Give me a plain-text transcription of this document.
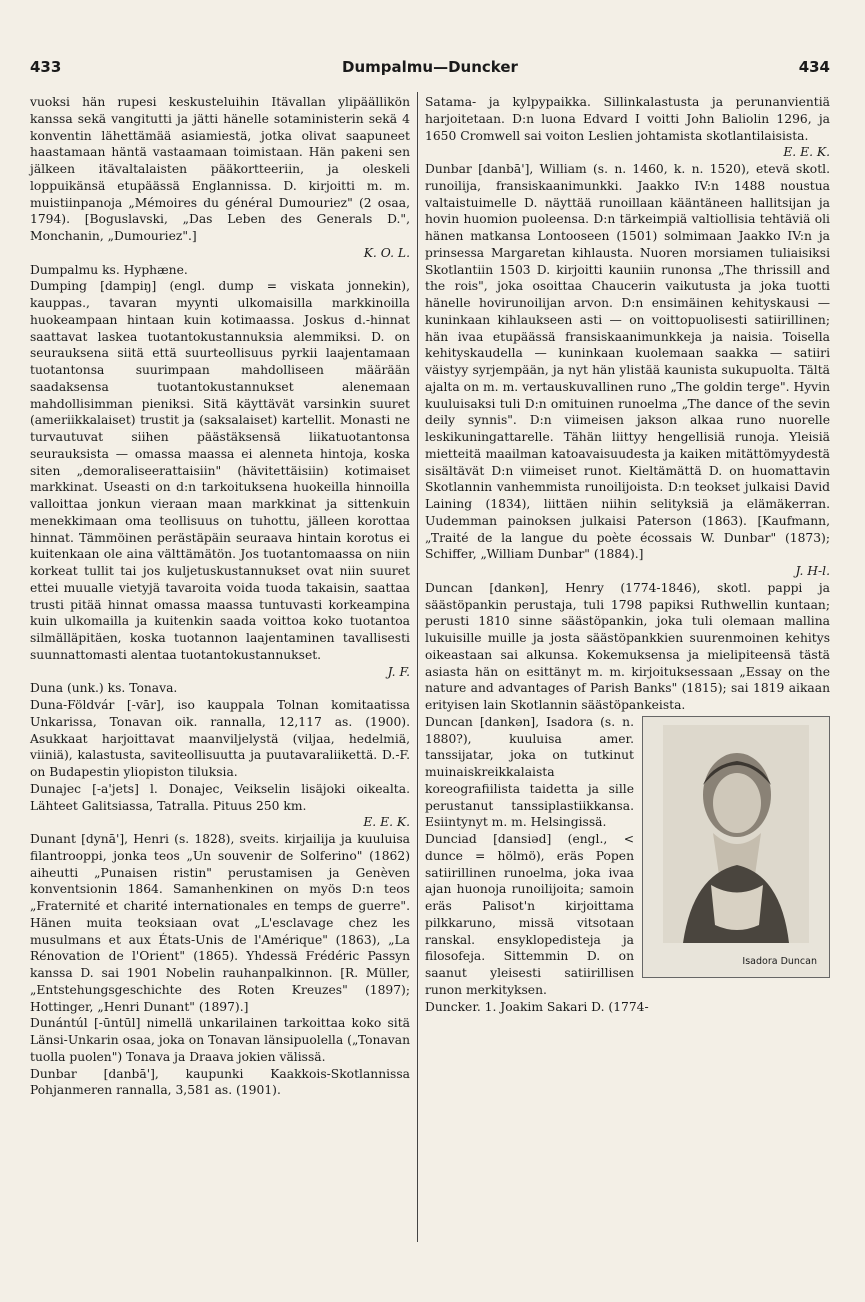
433	Dumpalmu—Duncker	434

vuoksi hän rupesi keskusteluihin Itävallan ylipäällikön kanssa sekä vangitutti ja jätti hänelle sotaministerin sekä 4 konventin lähettämää asiamiestä, jotka olivat saapuneet haastamaan häntä vastaamaan toimistaan. Hän pakeni sen jälkeen itävaltalaisten pääkortteeriin, ja oleskeli loppuikänsä etupäässä Englannissa. D. kirjoitti m. m. muistiinpanoja „Mémoires du général Dumouriez" (2 osaa, 1794). [Boguslavski, „Das Leben des Generals D.", Monchanin, „Dumouriez".]

K. O. L.

Dumpalmu ks. Hyphæne.

Dumping [dampiŋ] (engl. dump = viskata jonnekin), kauppas., tavaran myynti ulkomaisilla markkinoilla huokeampaan hintaan kuin kotimaassa. Joskus d.-hinnat saattavat laskea tuotantokustannuksia alemmiksi. D. on seurauksena siitä että suurteollisuus pyrkii laajentamaan tuotantonsa suurimpaan mahdolliseen määrään saadaksensa tuotantokustannukset alenemaan mahdollisimman pieniksi. Sitä käyttävät varsinkin suuret (ameriikkalaiset) trustit ja (saksalaiset) kartellit. Monasti ne turvautuvat siihen päästäksensä liikatuotantonsa seurauksista — omassa maassa ei alenneta hintoja, koska siten „demoraliseerattaisiin" (hävitettäisiin) kotimaiset markkinat. Useasti on d:n tarkoituksena huokeilla hinnoilla valloittaa jonkun vieraan maan markkinat ja sittenkuin menekkimaan oma teollisuus on tuhottu, jälleen korottaa hinnat. Tämmöinen perästäpäin seuraava hintain korotus ei kuitenkaan ole aina välttämätön. Jos tuotantomaassa on niin korkeat tullit tai jos kuljetuskustannukset ovat niin suuret ettei muualle vietyjä tavaroita voida tuoda takaisin, saattaa trusti pitää hinnat omassa maassa tuntuvasti korkeampina kuin ulkomailla ja kuitenkin saada voittoa koko tuotantoa silmälläpitäen, koska tuotannon laajentaminen tavallisesti suunnattomasti alentaa tuotantokustannukset.

J. F.

Duna (unk.) ks. Tonava.

Duna-Földvár [-vār], iso kauppala Tolnan komitaatissa Unkarissa, Tonavan oik. rannalla, 12,117 as. (1900). Asukkaat harjoittavat maanviljelystä (viljaa, hedelmiä, viiniä), kalastusta, saviteollisuutta ja puutavaraliikettä. D.-F. on Budapestin yliopiston tiluksia.

Dunajec [-a'jets] l. Donajec, Veikselin lisäjoki oikealta. Lähteet Galitsiassa, Tatralla. Pituus 250 km.

E. E. K.

Dunant [dynā'], Henri (s. 1828), sveits. kirjailija ja kuuluisa filantrooppi, jonka teos „Un souvenir de Solferino" (1862) aiheutti „Punaisen ristin" perustamisen ja Genèven konventsionin 1864. Samanhenkinen on myös D:n teos „Fraternité et charité internationales en temps de guerre". Hänen muita teoksiaan ovat „L'esclavage chez les musulmans et aux États-Unis de l'Amérique" (1863), „La Rénovation de l'Orient" (1865). Yhdessä Frédéric Passyn kanssa D. sai 1901 Nobelin rauhanpalkinnon. [R. Müller, „Entstehungsgeschichte des Roten Kreuzes" (1897); Hottinger, „Henri Dunant" (1897).]

Dunántúl [-ūntūl] nimellä unkarilainen tarkoittaa koko sitä Länsi-Unkarin osaa, joka on Tonavan länsipuolella („Tonavan tuolla puolen") Tonava ja Draava jokien välissä.

Dunbar [danbā'], kaupunki Kaakkois-Skotlannissa Pohjanmeren rannalla, 3,581 as. (1901).

Satama- ja kylpypaikka. Sillinkalastusta ja perunanvientiä harjoitetaan. D:n luona Edvard I voitti John Baliolin 1296, ja 1650 Cromwell sai voiton Leslien johtamista skotlantilaisista.

E. E. K.

Dunbar [danbā'], William (s. n. 1460, k. n. 1520), etevä skotl. runoilija, fransiskaanimunkki. Jaakko IV:n 1488 noustua valtaistuimelle D. näyttää runoillaan kääntäneen hallitsijan ja hovin huomion puoleensa. D:n tärkeimpiä valtiollisia tehtäviä oli hänen matkansa Lontooseen (1501) solmimaan Jaakko IV:n ja prinsessa Margaretan kihlausta. Nuoren morsiamen tuliaisiksi Skotlantiin 1503 D. kirjoitti kauniin runonsa „The thrissill and the rois", joka osoittaa Chaucerin vaikutusta ja joka tuotti hänelle hovirunoilijan arvon. D:n ensimäinen kehityskausi — kuninkaan kihlaukseen asti — on voittopuolisesti satiirillinen; hän ivaa etupäässä fransiskaanimunkkeja ja naisia. Toisella kehityskaudella — kuninkaan kuolemaan saakka — satiiri väistyy syrjempään, ja nyt hän ylistää kaunista sukupuolta. Tältä ajalta on m. m. vertauskuvallinen runo „The goldin terge". Hyvin kuuluisaksi tuli D:n omituinen runoelma „The dance of the sevin deily synnis". D:n viimeisen jakson alkaa runo nuorelle leskikuningattarelle. Tähän liittyy hengellisiä runoja. Yleisiä mietteitä maailman katoavaisuudesta ja kaiken mitättömyydestä sisältävät D:n viimeiset runot. Kieltämättä D. on huomattavin Skotlannin vanhemmista runoilijoista. D:n teokset julkaisi David Laining (1834), liittäen niihin selityksiä ja elämäkerran. Uudemman painoksen julkaisi Paterson (1863). [Kaufmann, „Traité de la langue du poète écossais W. Dunbar" (1873); Schiffer, „William Dunbar" (1884).]

J. H-l.

Duncan [dankən], Henry (1774-1846), skotl. pappi ja säästöpankin perustaja, tuli 1798 papiksi Ruthwellin kuntaan; perusti 1810 sinne säästöpankin, joka tuli olemaan mallina lukuisille muille ja josta säästöpankkien suurenmoinen kehitys oikeastaan sai alkunsa. Kokemuksensa ja mielipiteensä tästä asiasta hän on esittänyt m. m. kirjoituksessaan „Essay on the nature and advantages of Parish Banks" (1815); sai 1819 aikaan erityisen lain Skotlannin säästöpankeista.

Isadora Duncan

Duncan [dankən], Isadora (s. n. 1880?), kuuluisa amer. tanssijatar, joka on tutkinut muinaiskreikkalaista koreografiilista taidetta ja sille perustanut tanssiplastiikkansa. Esiintynyt m. m. Helsingissä.

Dunciad [dansiəd] (engl., < dunce = hölmö), eräs Popen satiirillinen runoelma, joka ivaa ajan huonoja runoilijoita; samoin eräs Palisot'n kirjoittama pilkkaruno, missä vitsotaan ranskal. ensyklopedisteja ja filosofeja. Sittemmin D. on saanut yleisesti satiirillisen runon merkityksen.

Duncker. 1. Joakim Sakari D. (1774-
